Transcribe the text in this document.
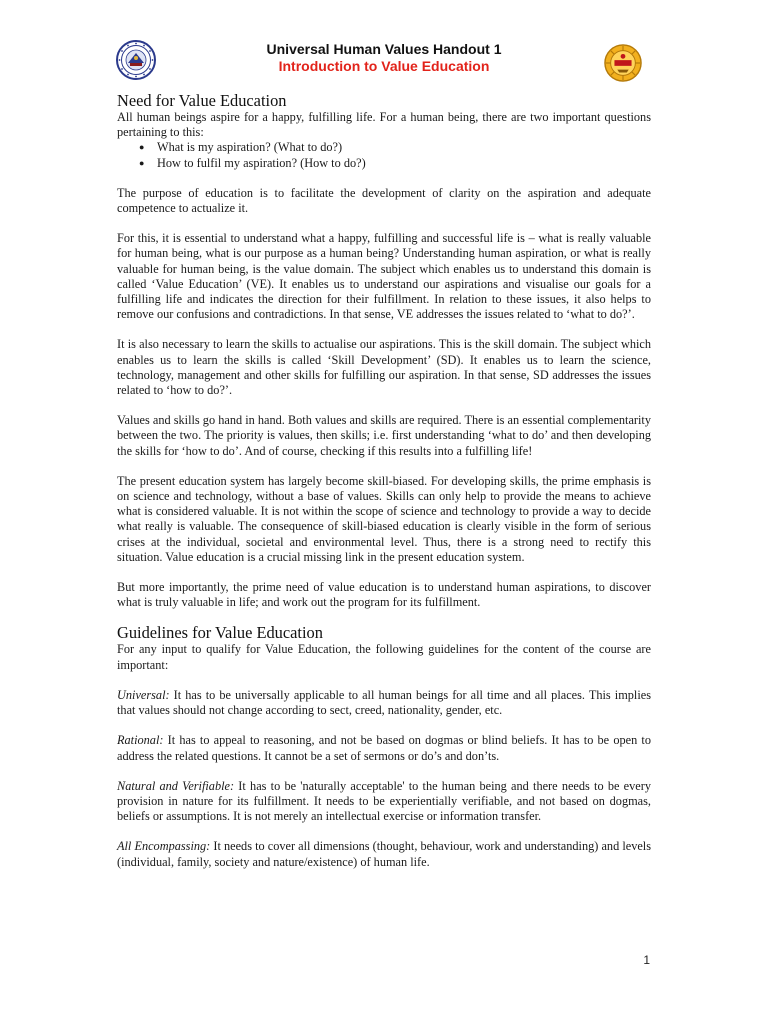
Universal Human Values Handout 1
Introduction to Value Education
Need for Value Education

All human beings aspire for a happy, fulfilling life. For a human being, there are two important questions pertaining to this:

● What is my aspiration? (What to do?)
● How to fulfil my aspiration? (How to do?)

The purpose of education is to facilitate the development of clarity on the aspiration and adequate competence to actualize it.

For this, it is essential to understand what a happy, fulfilling and successful life is – what is really valuable for human being, what is our purpose as a human being? Understanding human aspiration, or what is really valuable for human being, is the value domain. The subject which enables us to understand this domain is called ‘Value Education’ (VE). It enables us to understand our aspirations and visualise our goals for a fulfilling life and indicates the direction for their fulfillment. In relation to these issues, it also helps to remove our confusions and contradictions. In that sense, VE addresses the issues related to ‘what to do?’.

It is also necessary to learn the skills to actualise our aspirations. This is the skill domain. The subject which enables us to learn the skills is called ‘Skill Development’ (SD). It enables us to learn the science, technology, management and other skills for fulfilling our aspiration. In that sense, SD addresses the issues related to ‘how to do?’.

Values and skills go hand in hand. Both values and skills are required. There is an essential complementarity between the two. The priority is values, then skills; i.e. first understanding ‘what to do’ and then developing the skills for ‘how to do’. And of course, checking if this results into a fulfilling life!

The present education system has largely become skill-biased. For developing skills, the prime emphasis is on science and technology, without a base of values. Skills can only help to provide the means to achieve what is considered valuable. It is not within the scope of science and technology to provide a way to decide what really is valuable. The consequence of skill-biased education is clearly visible in the form of serious crises at the individual, societal and environmental level. Thus, there is a strong need to rectify this situation. Value education is a crucial missing link in the present education system.

But more importantly, the prime need of value education is to understand human aspirations, to discover what is truly valuable in life; and work out the program for its fulfillment.

Guidelines for Value Education

For any input to qualify for Value Education, the following guidelines for the content of the course are important:

Universal: It has to be universally applicable to all human beings for all time and all places. This implies that values should not change according to sect, creed, nationality, gender, etc.

Rational: It has to appeal to reasoning, and not be based on dogmas or blind beliefs. It has to be open to address the related questions. It cannot be a set of sermons or do’s and don’ts.

Natural and Verifiable: It has to be 'naturally acceptable' to the human being and there needs to be every provision in nature for its fulfillment. It needs to be experientially verifiable, and not based on dogmas, beliefs or assumptions. It is not merely an intellectual exercise or information transfer.

All Encompassing: It needs to cover all dimensions (thought, behaviour, work and understanding) and levels (individual, family, society and nature/existence) of human life.

1
